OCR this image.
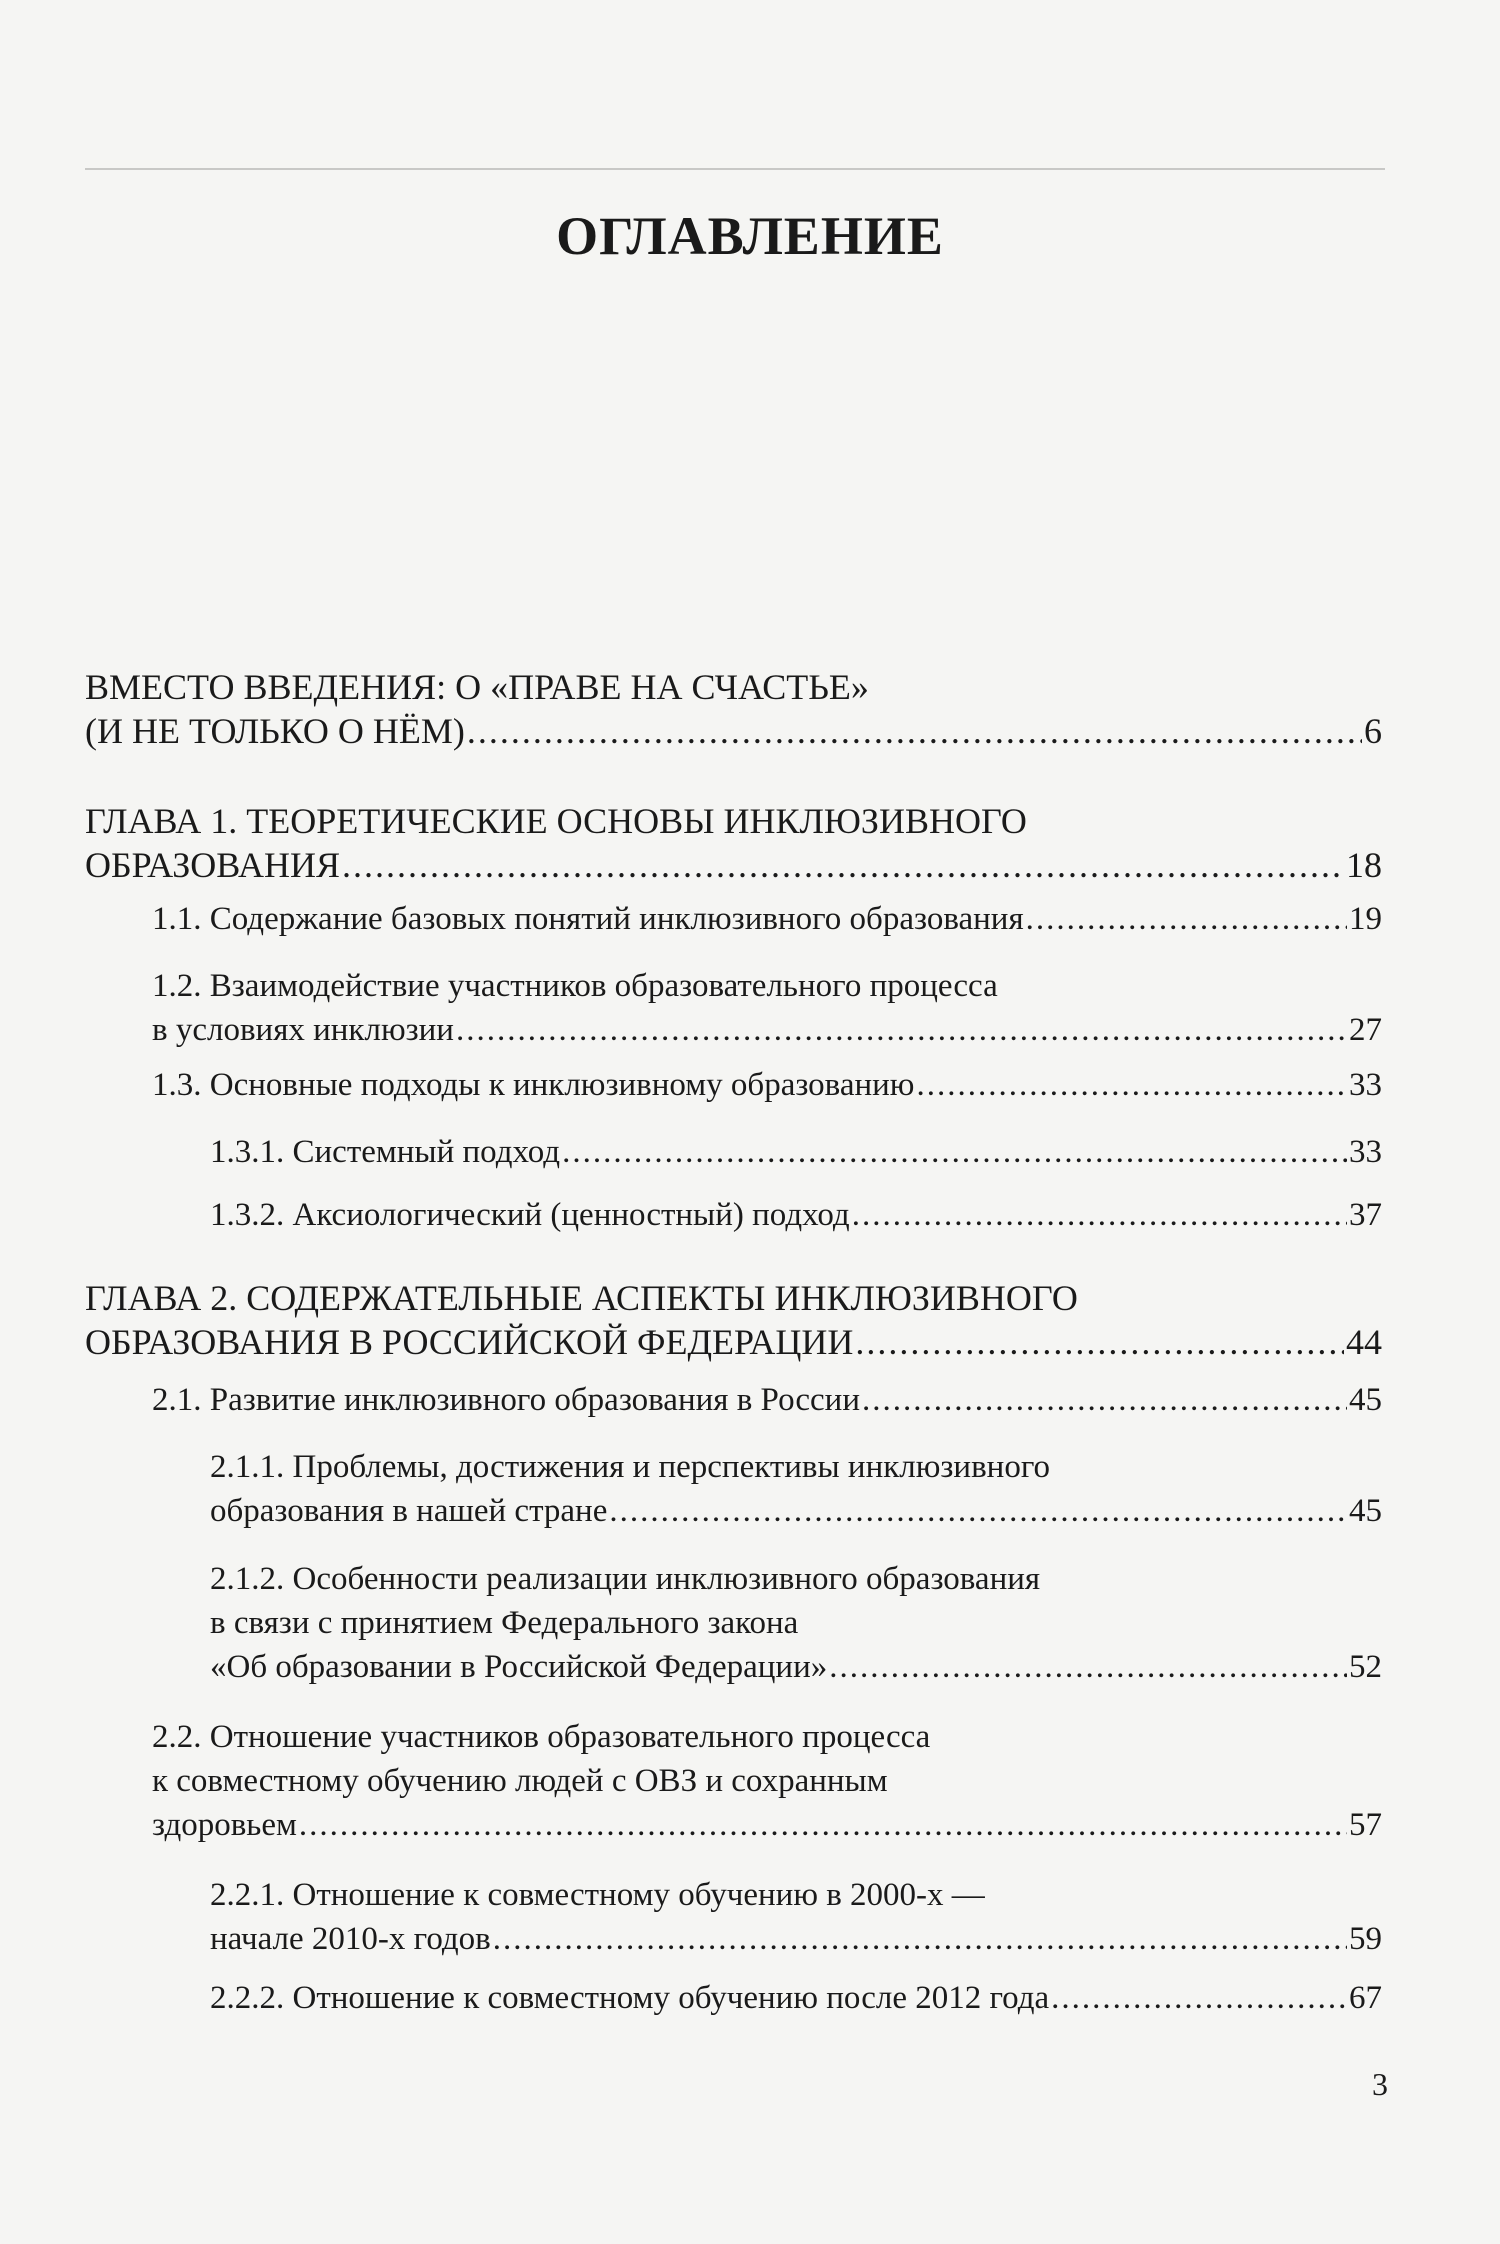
ОГЛАВЛЕНИЕ
ВМЕСТО ВВЕДЕНИЯ: О «ПРАВЕ НА СЧАСТЬЕ»
(И НЕ ТОЛЬКО О НЁМ) .....	6
ГЛАВА 1. ТЕОРЕТИЧЕСКИЕ ОСНОВЫ ИНКЛЮЗИВНОГО
ОБРАЗОВАНИЯ .....	18
1.1. Содержание базовых понятий инклюзивного образования .....	19
1.2. Взаимодействие участников образовательного процесса
в условиях инклюзии .....	27
1.3. Основные подходы к инклюзивному образованию .....	33
1.3.1. Системный подход .....	33
1.3.2. Аксиологический (ценностный) подход .....	37
ГЛАВА 2. СОДЕРЖАТЕЛЬНЫЕ АСПЕКТЫ ИНКЛЮЗИВНОГО
ОБРАЗОВАНИЯ В РОССИЙСКОЙ ФЕДЕРАЦИИ .....	44
2.1. Развитие инклюзивного образования в России .....	45
2.1.1. Проблемы, достижения и перспективы инклюзивного
образования в нашей стране .....	45
2.1.2. Особенности реализации инклюзивного образования
в связи с принятием Федерального закона
«Об образовании в Российской Федерации» .....	52
2.2. Отношение участников образовательного процесса
к совместному обучению людей с ОВЗ и сохранным
здоровьем .....	57
2.2.1. Отношение к совместному обучению в 2000-х —
начале 2010-х годов .....	59
2.2.2. Отношение к совместному обучению после 2012 года .....	67
3
